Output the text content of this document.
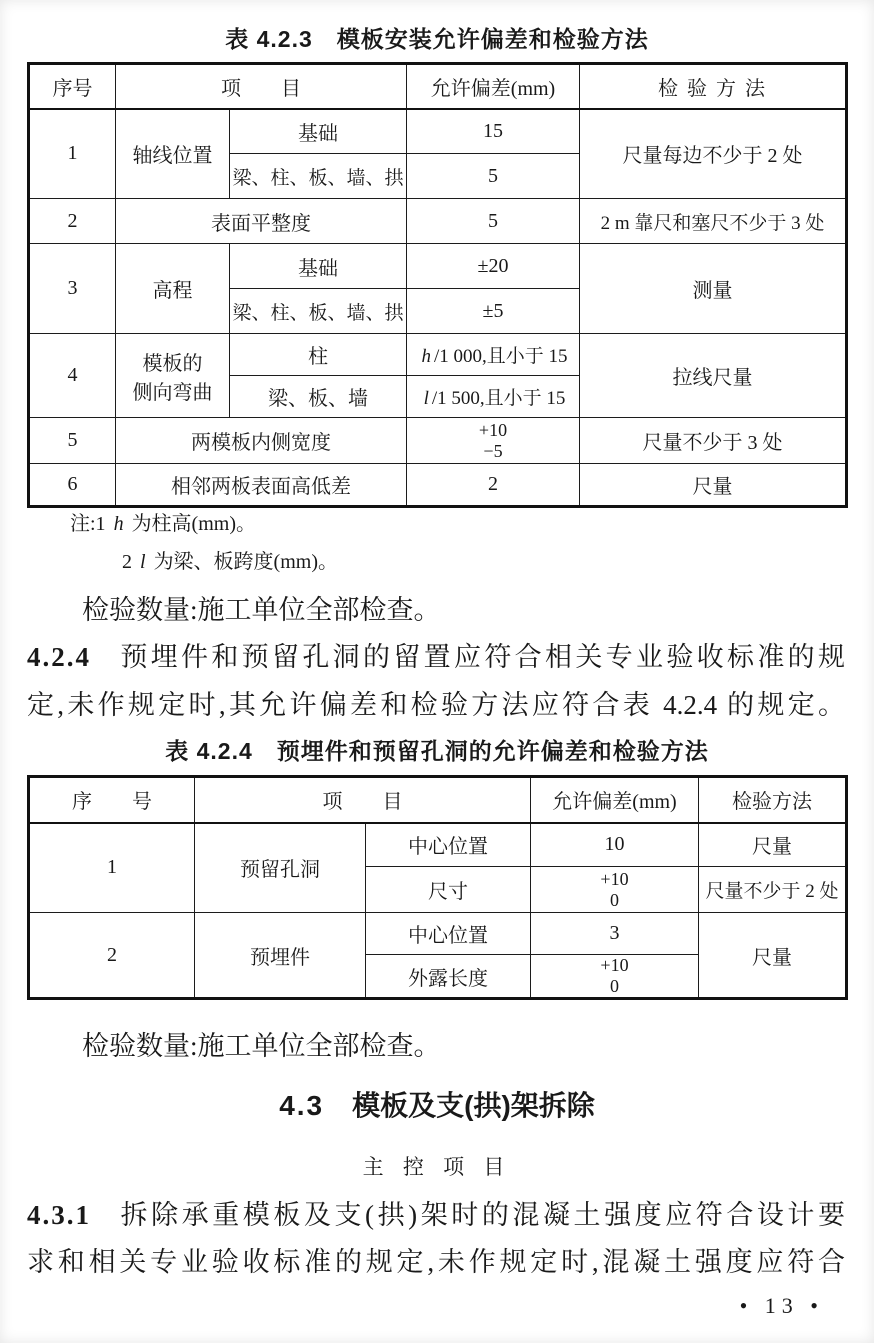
表 4.2.3　模板安装允许偏差和检验方法
序号	项　　目		允许偏差(mm)	检 验 方 法
1	轴线位置	基础	15	尺量每边不少于 2 处
		梁、柱、板、墙、拱	5	
2	表面平整度		5	2 m 靠尺和塞尺不少于 3 处
3	高程	基础	±20	测量
		梁、柱、板、墙、拱	±5	
4	模板的
侧向弯曲	柱	h /1 000,且小于 15	拉线尺量
		梁、板、墙	l /1 500,且小于 15	
5	两模板内侧宽度		+10
−5	尺量不少于 3 处
6	相邻两板表面高低差		2	尺量
注:1 h 为柱高(mm)。
2 l 为梁、板跨度(mm)。
检验数量:施工单位全部检查。
4.2.4 预埋件和预留孔洞的留置应符合相关专业验收标准的规
定,未作规定时,其允许偏差和检验方法应符合表 4.2.4 的规定。
表 4.2.4　预埋件和预留孔洞的允许偏差和检验方法
序　　号	项　　目		允许偏差(mm)	检验方法
1	预留孔洞	中心位置	10	尺量
		尺寸	+10
0	尺量不少于 2 处
2	预埋件	中心位置	3	尺量
		外露长度	+10
0	
检验数量:施工单位全部检查。
4.3 模板及支(拱)架拆除
主 控 项 目
4.3.1 拆除承重模板及支(拱)架时的混凝土强度应符合设计要
求和相关专业验收标准的规定,未作规定时,混凝土强度应符合
• 13 •
